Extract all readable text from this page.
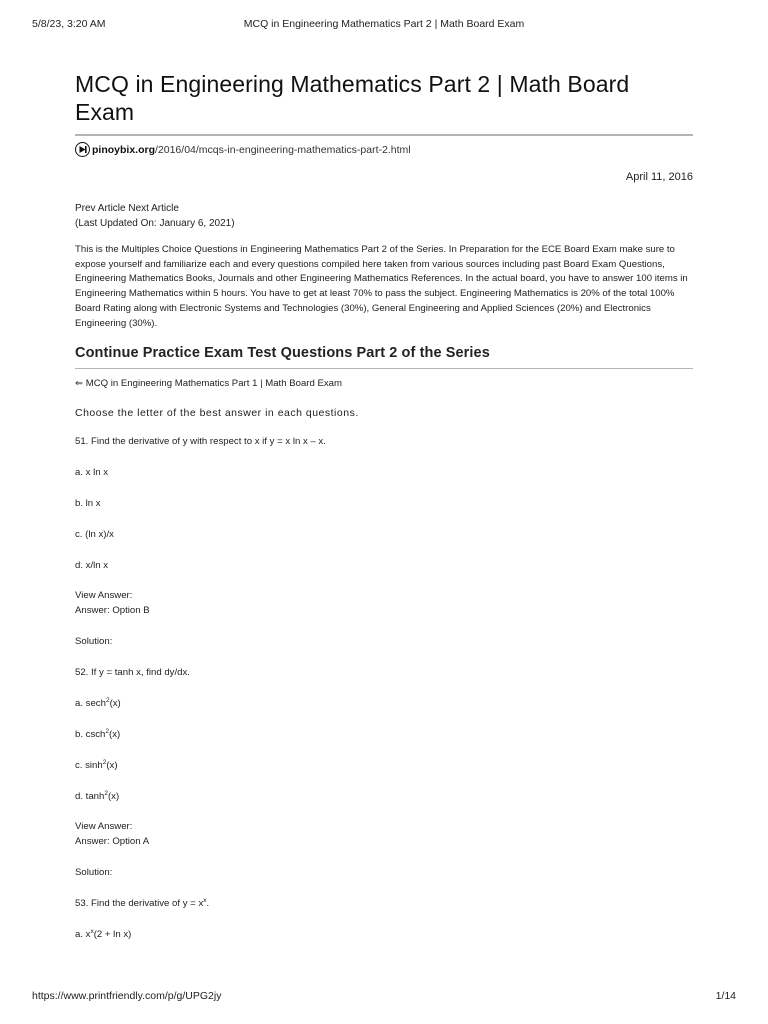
5/8/23, 3:20 AM	MCQ in Engineering Mathematics Part 2 | Math Board Exam
MCQ in Engineering Mathematics Part 2 | Math Board Exam
pinoybix.org /2016/04/mcqs-in-engineering-mathematics-part-2.html
April 11, 2016
Prev Article Next Article
(Last Updated On: January 6, 2021)
This is the Multiples Choice Questions in Engineering Mathematics Part 2 of the Series. In Preparation for the ECE Board Exam make sure to expose yourself and familiarize each and every questions compiled here taken from various sources including past Board Exam Questions, Engineering Mathematics Books, Journals and other Engineering Mathematics References. In the actual board, you have to answer 100 items in Engineering Mathematics within 5 hours. You have to get at least 70% to pass the subject. Engineering Mathematics is 20% of the total 100% Board Rating along with Electronic Systems and Technologies (30%), General Engineering and Applied Sciences (20%) and Electronics Engineering (30%).
Continue Practice Exam Test Questions Part 2 of the Series
⇐ MCQ in Engineering Mathematics Part 1 | Math Board Exam
Choose the letter of the best answer in each questions.
51. Find the derivative of y with respect to x if y = x ln x – x.
a. x ln x
b. ln x
c. (ln x)/x
d. x/ln x
View Answer:
Answer: Option B
Solution:
52. If y = tanh x, find dy/dx.
a. sech$^2$(x)
b. csch$^2$(x)
c. $\sinh^2(x)$
d. $\tanh^2(x)$
View Answer:
Answer: Option A
Solution:
53. Find the derivative of $y = x^x$.
a. $x^x(2 + \ln x)$
https://www.printfriendly.com/p/g/UPG2jy	1/14
